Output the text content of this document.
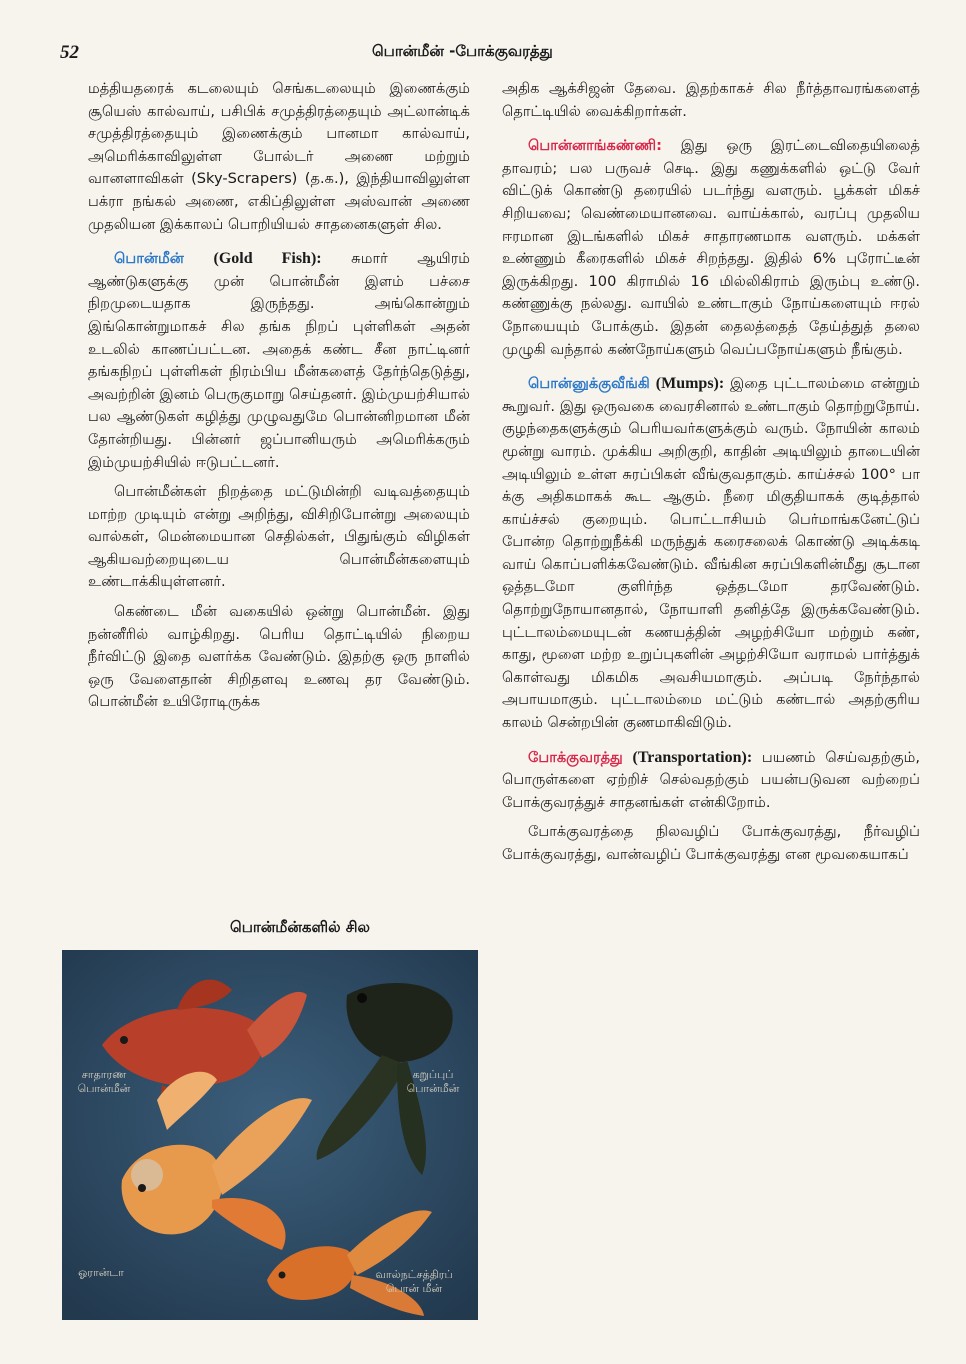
52	பொன்மீன் -போக்குவரத்து

மத்தியதரைக் கடலையும் செங்கடலையும் இணைக்கும் சூயெஸ் கால்வாய், பசிபிக் சமுத்திரத்தையும் அட்லான்டிக் சமுத்திரத்தையும் இணைக்கும் பானமா கால்வாய், அமெரிக்காவிலுள்ள போல்டர் அணை மற்றும் வானளாவிகள் (Sky-Scrapers) (த.க.), இந்தியாவிலுள்ள பக்ரா நங்கல் அணை, எகிப்திலுள்ள அஸ்வான் அணை முதலியன இக்காலப் பொறியியல் சாதனைகளுள் சில.

பொன்மீன் (Gold Fish): சுமார் ஆயிரம் ஆண்டுகளுக்கு முன் பொன்மீன் இளம் பச்சை நிறமுடையதாக இருந்தது. அங்கொன்றும் இங்கொன்றுமாகச் சில தங்க நிறப் புள்ளிகள் அதன் உடலில் காணப்பட்டன. அதைக் கண்ட சீன நாட்டினர் தங்கநிறப் புள்ளிகள் நிரம்பிய மீன்களைத் தேர்ந்தெடுத்து, அவற்றின் இனம் பெருகுமாறு செய்தனர். இம்முயற்சியால் பல ஆண்டுகள் கழித்து முழுவதுமே பொன்னிறமான மீன் தோன்றியது. பின்னர் ஜப்பானியரும் அமெரிக்கரும் இம்முயற்சியில் ஈடுபட்டனர்.

பொன்மீன்கள் நிறத்தை மட்டுமின்றி வடிவத்தையும் மாற்ற முடியும் என்று அறிந்து, விசிறிபோன்று அலையும் வால்கள், மென்மையான செதில்கள், பிதுங்கும் விழிகள் ஆகியவற்றையுடைய பொன்மீன்களையும் உண்டாக்கியுள்ளனர்.

கெண்டை மீன் வகையில் ஒன்று பொன்மீன். இது நன்னீரில் வாழ்கிறது. பெரிய தொட்டியில் நிறைய நீர்விட்டு இதை வளர்க்க வேண்டும். இதற்கு ஒரு நாளில் ஒரு வேளைதான் சிறிதளவு உணவு தர வேண்டும். பொன்மீன் உயிரோடிருக்க

பொன்மீன்களில் சில
சாதாரண
பொன்மீன்
கறுப்புப்
பொன்மீன்
ஓரான்டா	வால்நட்சத்திரப்
பொன் மீன்

அதிக ஆக்சிஜன் தேவை. இதற்காகச் சில நீர்த்தாவரங்களைத் தொட்டியில் வைக்கிறார்கள்.

பொன்னாங்கண்ணி: இது ஒரு இரட்டைவிதையிலைத் தாவரம்; பல பருவச் செடி. இது கணுக்களில் ஒட்டு வேர் விட்டுக் கொண்டு தரையில் படர்ந்து வளரும். பூக்கள் மிகச் சிறியவை; வெண்மையானவை. வாய்க்கால், வரப்பு முதலிய ஈரமான இடங்களில் மிகச் சாதாரணமாக வளரும். மக்கள் உண்ணும் கீரைகளில் மிகச் சிறந்தது. இதில் 6% புரோட்டீன் இருக்கிறது. 100 கிராமில் 16 மில்லிகிராம் இரும்பு உண்டு. கண்ணுக்கு நல்லது. வாயில் உண்டாகும் நோய்களையும் ஈரல் நோயையும் போக்கும். இதன் தைலத்தைத் தேய்த்துத் தலை முழுகி வந்தால் கண்நோய்களும் வெப்பநோய்களும் நீங்கும்.

பொன்னுக்குவீங்கி (Mumps): இதை புட்டாலம்மை என்றும் கூறுவர். இது ஒருவகை வைரசினால் உண்டாகும் தொற்றுநோய். குழந்தைகளுக்கும் பெரியவர்களுக்கும் வரும். நோயின் காலம் மூன்று வாரம். முக்கிய அறிகுறி, காதின் அடியிலும் தாடையின் அடியிலும் உள்ள சுரப்பிகள் வீங்குவதாகும். காய்ச்சல் 100° பா க்கு அதிகமாகக் கூட ஆகும். நீரை மிகுதியாகக் குடித்தால் காய்ச்சல் குறையும். பொட்டாசியம் பெர்மாங்கனேட்டுப் போன்ற தொற்றுநீக்கி மருந்துக் கரைசலைக் கொண்டு அடிக்கடி வாய் கொப்பளிக்கவேண்டும். வீங்கின சுரப்பிகளின்மீது சூடான ஒத்தடமோ குளிர்ந்த ஒத்தடமோ தரவேண்டும். தொற்றுநோயானதால், நோயாளி தனித்தே இருக்கவேண்டும். புட்டாலம்மையுடன் கணயத்தின் அழற்சியோ மற்றும் கண், காது, மூளை மற்ற உறுப்புகளின் அழற்சியோ வராமல் பார்த்துக் கொள்வது மிகமிக அவசியமாகும். அப்படி நேர்ந்தால் அபாயமாகும். புட்டாலம்மை மட்டும் கண்டால் அதற்குரிய காலம் சென்றபின் குணமாகிவிடும்.

போக்குவரத்து (Transportation): பயணம் செய்வதற்கும், பொருள்களை ஏற்றிச் செல்வதற்கும் பயன்படுவன வற்றைப் போக்குவரத்துச் சாதனங்கள் என்கிறோம்.

போக்குவரத்தை நிலவழிப் போக்குவரத்து, நீர்வழிப் போக்குவரத்து, வான்வழிப் போக்குவரத்து என மூவகையாகப்
